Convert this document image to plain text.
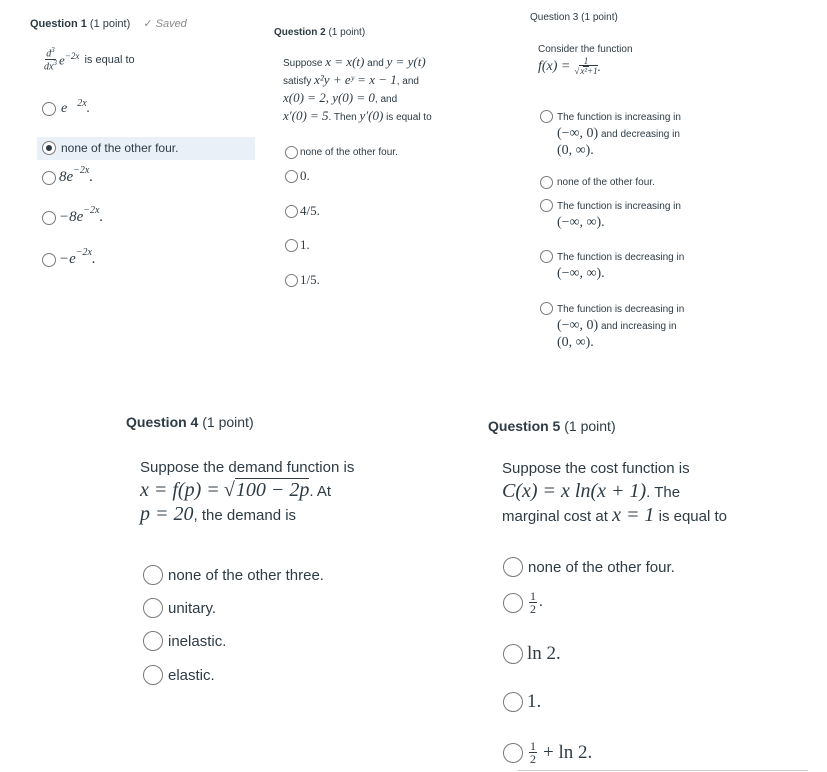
Question 1 (1 point) ✓ Saved
$\frac{d^3}{dx^3} e^{-2x}$ is equal to
e 2x .
none of the other four.
8e −2x .
−8e −2x .
−e −2x .
Question 2 (1 point)
Suppose x = x(t) and y = y(t)
satisfy x²y + eʸ = x − 1, and
x(0) = 2, y(0) = 0, and
x′(0) = 5. Then y′(0) is equal to
none of the other four.
0.
4/5.
1.
1/5.
Question 3 (1 point)
Consider the function
$f(x) = \frac{1}{\text{√x²+1}}$ .
The function is increasing in
(−∞, 0) and decreasing in
(0, ∞).
none of the other four.
The function is increasing in
(−∞, ∞).
The function is decreasing in
(−∞, ∞).
The function is decreasing in
(−∞, 0) and increasing in
(0, ∞).
Question 4 (1 point)
Suppose the demand function is
x = f(p) = √100 − 2p. At
p = 20, the demand is
none of the other three.
unitary.
inelastic.
elastic.
Question 5 (1 point)
Suppose the cost function is
C(x) = x ln(x + 1). The
marginal cost at x = 1 is equal to
none of the other four.
$\frac{1}{2}$ .
ln 2.
1.
$\frac{1}{2} + \ln 2$.
